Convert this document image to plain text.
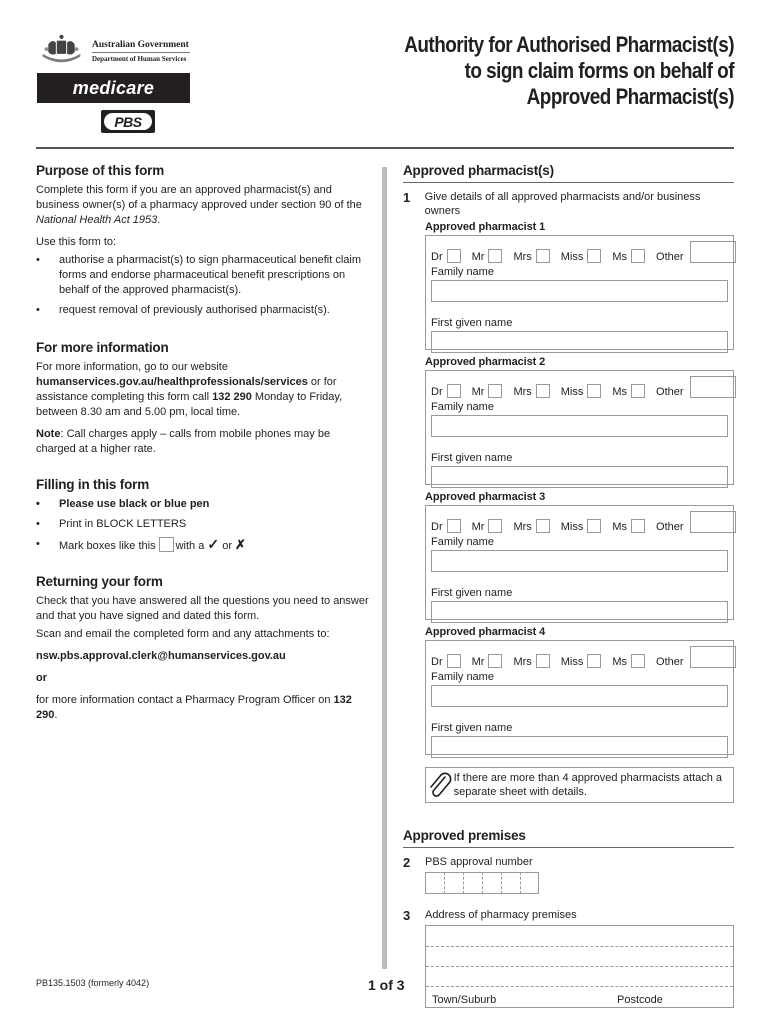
Australian Government
Department of Human Services
medicare
PBS
Authority for Authorised Pharmacist(s)
to sign claim forms on behalf of
Approved Pharmacist(s)
Purpose of this form
Complete this form if you are an approved pharmacist(s) and business owner(s) of a pharmacy approved under section 90 of the National Health Act 1953.
Use this form to:
• authorise a pharmacist(s) to sign pharmaceutical benefit claim forms and endorse pharmaceutical benefit prescriptions on behalf of the approved pharmacist(s).
• request removal of previously authorised pharmacist(s).
For more information
For more information, go to our website
humanservices.gov.au/healthprofessionals/services or for assistance completing this form call 132 290 Monday to Friday, between 8.30 am and 5.00 pm, local time.
Note: Call charges apply – calls from mobile phones may be charged at a higher rate.
Filling in this form
• Please use black or blue pen
• Print in BLOCK LETTERS
• Mark boxes like this with a ✓ or ✗
Returning your form
Check that you have answered all the questions you need to answer and that you have signed and dated this form.
Scan and email the completed form and any attachments to:
nsw.pbs.approval.clerk@humanservices.gov.au
or
for more information contact a Pharmacy Program Officer on 132 290.
Approved pharmacist(s)
1	Give details of all approved pharmacists and/or business owners
Approved pharmacist 1
Dr	Mr	Mrs	Miss	Ms	Other
Family name
First given name
Approved pharmacist 2
Dr	Mr	Mrs	Miss	Ms	Other
Family name
First given name
Approved pharmacist 3
Dr	Mr	Mrs	Miss	Ms	Other
Family name
First given name
Approved pharmacist 4
Dr	Mr	Mrs	Miss	Ms	Other
Family name
First given name
If there are more than 4 approved pharmacists attach a separate sheet with details.
Approved premises
2	PBS approval number
3	Address of pharmacy premises
Town/Suburb	Postcode
PB135.1503 (formerly 4042)	1 of 3
